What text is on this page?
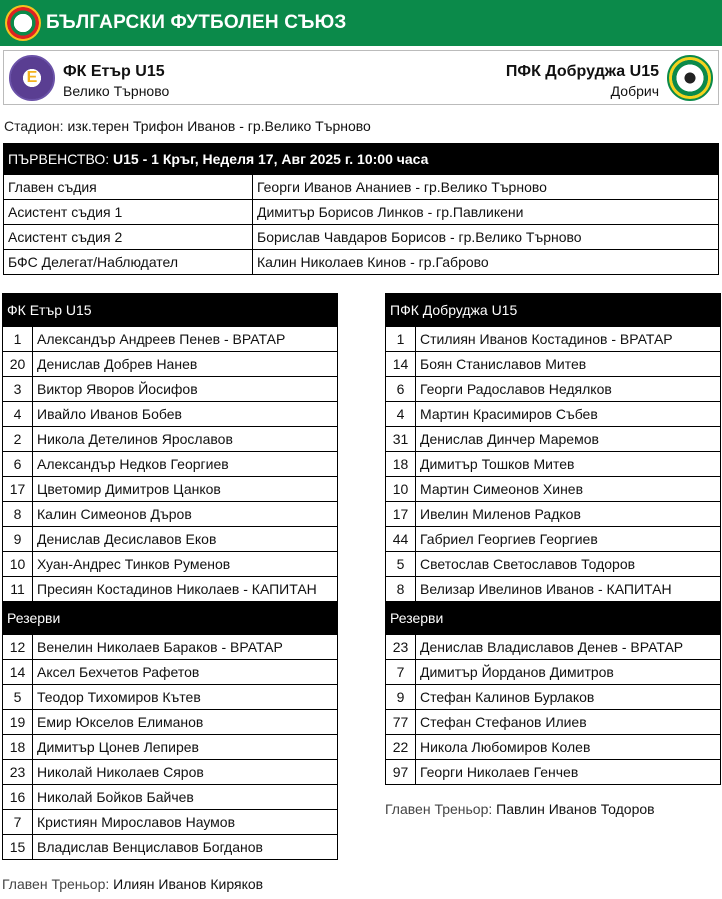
БЪЛГАРСКИ ФУТБОЛЕН СЪЮЗ
Е	ФК Етър U15
Велико Търново
ПФК Добруджа U15
Добрич
Стадион: изк.терен Трифон Иванов - гр.Велико Търново
ПЪРВЕНСТВО: U15 - 1 Кръг, Неделя 17, Авг 2025 г. 10:00 часа	
Главен съдия	Георги Иванов Ананиев - гр.Велико Търново
Асистент съдия 1	Димитър Борисов Линков - гр.Павликени
Асистент съдия 2	Борислав Чавдаров Борисов - гр.Велико Търново
БФС Делегат/Наблюдател	Калин Николаев Кинов - гр.Габрово
ФК Етър U15	
1	Александър Андреев Пенев - ВРАТАР
20	Денислав Добрев Нанев
3	Виктор Яворов Йосифов
4	Ивайло Иванов Бобев
2	Никола Детелинов Ярославов
6	Александър Недков Георгиев
17	Цветомир Димитров Цанков
8	Калин Симеонов Дъров
9	Денислав Десиславов Еков
10	Хуан-Андрес Тинков Руменов
11	Пресиян Костадинов Николаев - КАПИТАН
Резерви	
12	Венелин Николаев Бараков - ВРАТАР
14	Аксел Бехчетов Рафетов
5	Теодор Тихомиров Кътев
19	Емир Юкселов Елиманов
18	Димитър Цонев Лепирев
23	Николай Николаев Сяров
16	Николай Бойков Байчев
7	Кристиян Мирославов Наумов
15	Владислав Венциславов Богданов
ПФК Добруджа U15	
1	Стилиян Иванов Костадинов - ВРАТАР
14	Боян Станиславов Митев
6	Георги Радославов Недялков
4	Мартин Красимиров Събев
31	Денислав Динчер Маремов
18	Димитър Тошков Митев
10	Мартин Симеонов Хинев
17	Ивелин Миленов Радков
44	Габриел Георгиев Георгиев
5	Светослав Светославов Тодоров
8	Велизар Ивелинов Иванов - КАПИТАН
Резерви	
23	Денислав Владиславов Денев - ВРАТАР
7	Димитър Йорданов Димитров
9	Стефан Калинов Бурлаков
77	Стефан Стефанов Илиев
22	Никола Любомиров Колев
97	Георги Николаев Генчев
Главен Треньор: Илиян Иванов Киряков
Главен Треньор: Павлин Иванов Тодоров
